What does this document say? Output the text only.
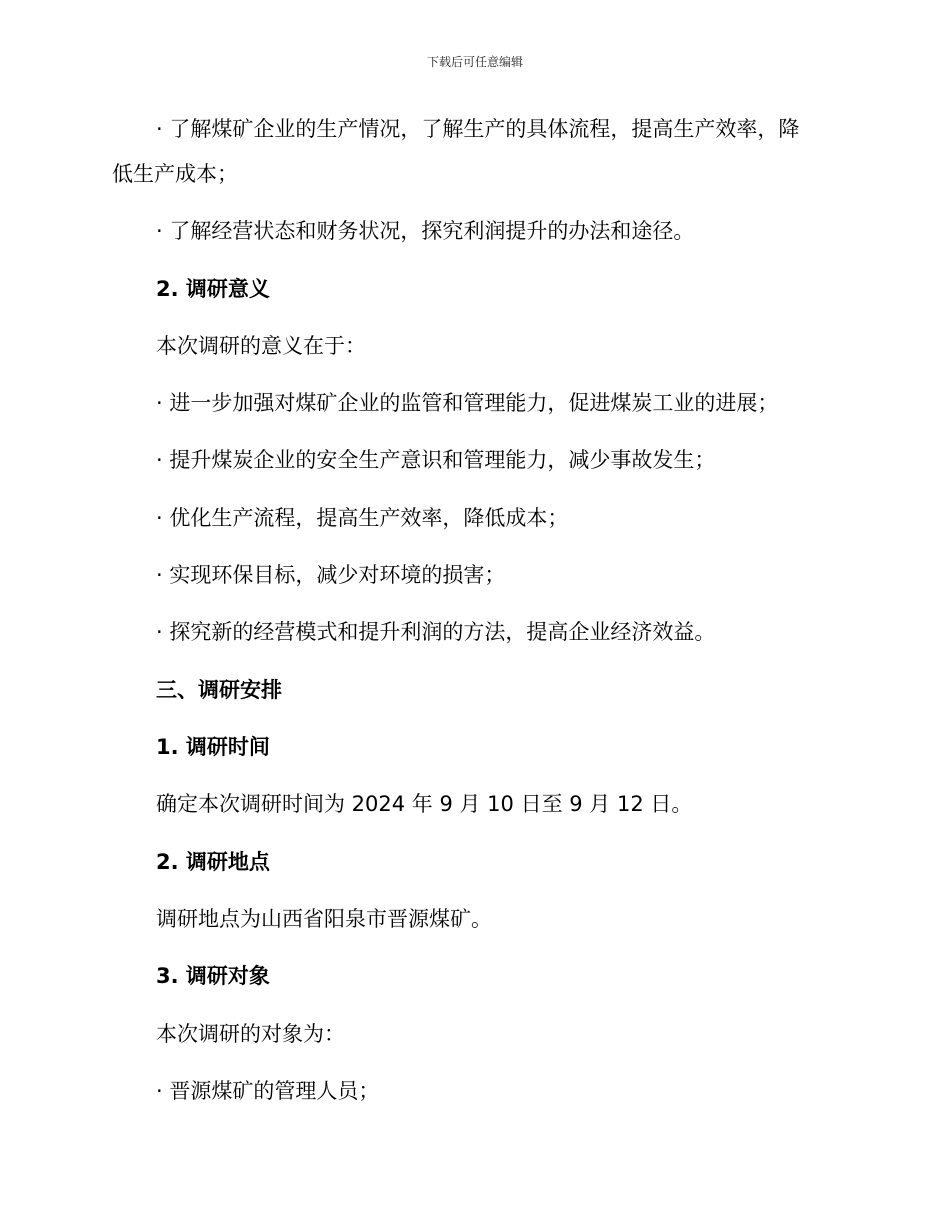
下载后可任意编辑
· 了解煤矿企业的生产情况，了解生产的具体流程，提高生产效率，降
低生产成本；
· 了解经营状态和财务状况，探究利润提升的办法和途径。
2. 调研意义
本次调研的意义在于：
· 进一步加强对煤矿企业的监管和管理能力，促进煤炭工业的进展；
· 提升煤炭企业的安全生产意识和管理能力，减少事故发生；
· 优化生产流程，提高生产效率，降低成本；
· 实现环保目标，减少对环境的损害；
· 探究新的经营模式和提升利润的方法，提高企业经济效益。
三、调研安排
1. 调研时间
确定本次调研时间为 2024 年 9 月 10 日至 9 月 12 日。
2. 调研地点
调研地点为山西省阳泉市晋源煤矿。
3. 调研对象
本次调研的对象为：
· 晋源煤矿的管理人员；
